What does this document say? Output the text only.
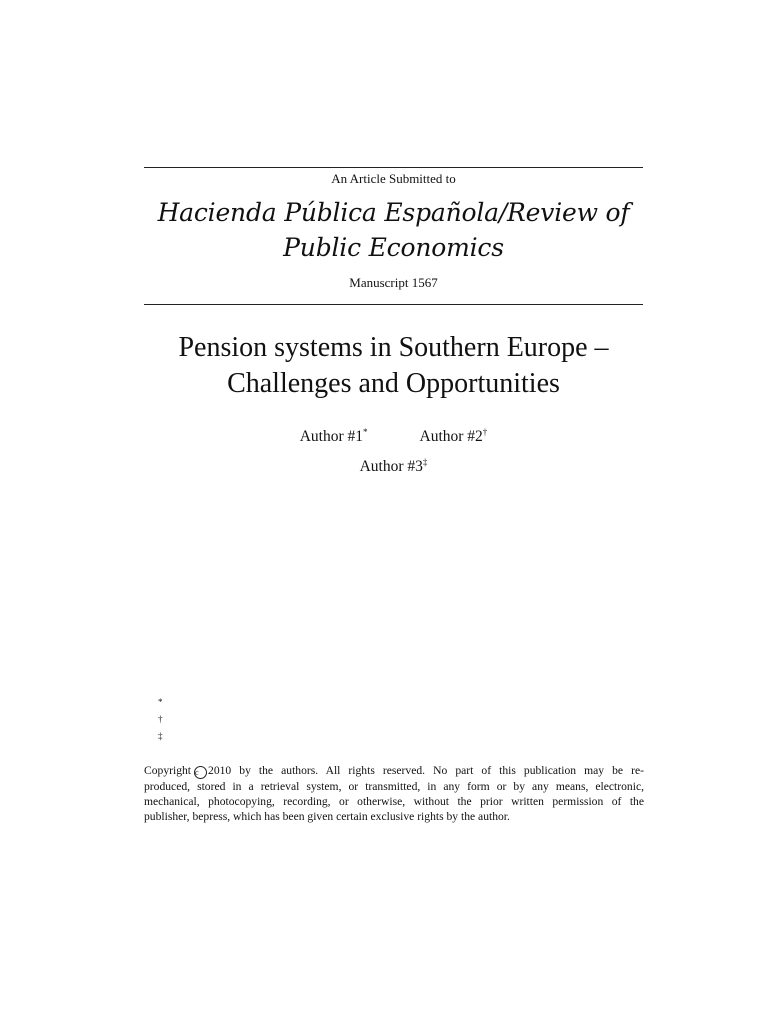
An Article Submitted to
Hacienda Pública Española/Review of
Public Economics
Manuscript 1567
Pension systems in Southern Europe –
Challenges and Opportunities
Author #1*	Author #2†
Author #3‡
*
†
‡
Copyright c 2010 by the authors. All rights reserved. No part of this publication may be re-
produced, stored in a retrieval system, or transmitted, in any form or by any means, electronic,
mechanical, photocopying, recording, or otherwise, without the prior written permission of the
publisher, bepress, which has been given certain exclusive rights by the author.
